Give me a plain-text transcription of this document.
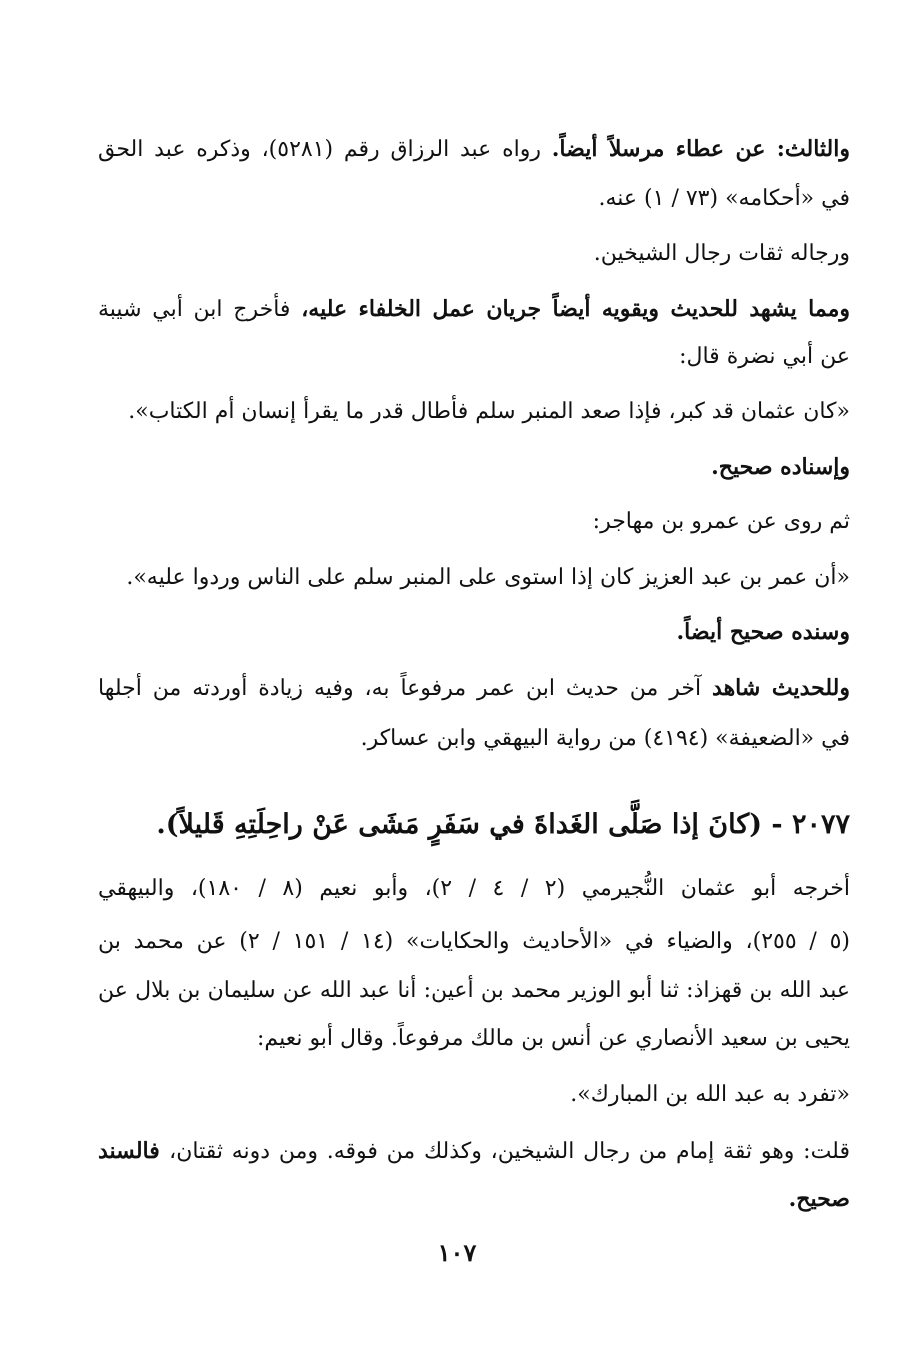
والثالث: عن عطاء مرسلاً أيضاً. رواه عبد الرزاق رقم (٥٢٨١)، وذكره عبد الحق
في «أحكامه» (٧٣ / ١) عنه.
ورجاله ثقات رجال الشيخين.
ومما يشهد للحديث ويقويه أيضاً جريان عمل الخلفاء عليه، فأخرج ابن أبي شيبة
عن أبي نضرة قال:
«كان عثمان قد كبر، فإذا صعد المنبر سلم فأطال قدر ما يقرأ إنسان أم الكتاب».
وإسناده صحيح.
ثم روى عن عمرو بن مهاجر:
«أن عمر بن عبد العزيز كان إذا استوى على المنبر سلم على الناس وردوا عليه».
وسنده صحيح أيضاً.
وللحديث شاهد آخر من حديث ابن عمر مرفوعاً به، وفيه زيادة أوردته من أجلها
في «الضعيفة» (٤١٩٤) من رواية البيهقي وابن عساكر.
٢٠٧٧ - (كانَ إذا صَلَّى الغَداةَ في سَفَرٍ مَشَى عَنْ راحِلَتِهِ قَليلاً).
أخرجه أبو عثمان النُّجيرمي (٢ / ٤ / ٢)، وأبو نعيم (٨ / ١٨٠)، والبيهقي
(٥ / ٢٥٥)، والضياء في «الأحاديث والحكايات» (١٤ / ١٥١ / ٢) عن محمد بن
عبد الله بن قهزاذ: ثنا أبو الوزير محمد بن أعين: أنا عبد الله عن سليمان بن بلال عن
يحيى بن سعيد الأنصاري عن أنس بن مالك مرفوعاً. وقال أبو نعيم:
«تفرد به عبد الله بن المبارك».
قلت: وهو ثقة إمام من رجال الشيخين، وكذلك من فوقه. ومن دونه ثقتان، فالسند
صحيح.
١٠٧
